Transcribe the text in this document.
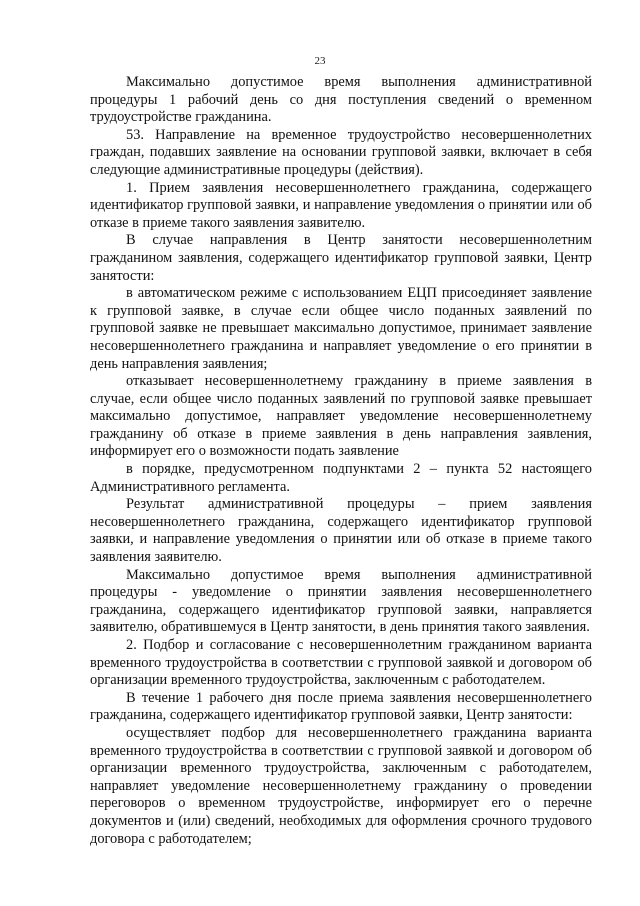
23

Максимально допустимое время выполнения административной процедуры 1 рабочий день со дня поступления сведений о временном трудоустройстве гражданина.

53. Направление на временное трудоустройство несовершеннолетних граждан, подавших заявление на основании групповой заявки, включает в себя следующие административные процедуры (действия).

1. Прием заявления несовершеннолетнего гражданина, содержащего идентификатор групповой заявки, и направление уведомления о принятии или об отказе в приеме такого заявления заявителю.

В случае направления в Центр занятости несовершеннолетним гражданином заявления, содержащего идентификатор групповой заявки, Центр занятости:

в автоматическом режиме с использованием ЕЦП присоединяет заявление к групповой заявке, в случае если общее число поданных заявлений по групповой заявке не превышает максимально допустимое, принимает заявление несовершеннолетнего гражданина и направляет уведомление о его принятии в день направления заявления;

отказывает несовершеннолетнему гражданину в приеме заявления в случае, если общее число поданных заявлений по групповой заявке превышает максимально допустимое, направляет уведомление несовершеннолетнему гражданину об отказе в приеме заявления в день направления заявления, информирует его о возможности подать заявление

в порядке, предусмотренном подпунктами 2 – пункта 52 настоящего Административного регламента.

Результат административной процедуры – прием заявления несовершеннолетнего гражданина, содержащего идентификатор групповой заявки, и направление уведомления о принятии или об отказе в приеме такого заявления заявителю.

Максимально допустимое время выполнения административной процедуры - уведомление о принятии заявления несовершеннолетнего гражданина, содержащего идентификатор групповой заявки, направляется заявителю, обратившемуся в Центр занятости, в день принятия такого заявления.

2. Подбор и согласование с несовершеннолетним гражданином варианта временного трудоустройства в соответствии с групповой заявкой и договором об организации временного трудоустройства, заключенным с работодателем.

В течение 1 рабочего дня после приема заявления несовершеннолетнего гражданина, содержащего идентификатор групповой заявки, Центр занятости:

осуществляет подбор для несовершеннолетнего гражданина варианта временного трудоустройства в соответствии с групповой заявкой и договором об организации временного трудоустройства, заключенным с работодателем, направляет уведомление несовершеннолетнему гражданину о проведении переговоров о временном трудоустройстве, информирует его о перечне документов и (или) сведений, необходимых для оформления срочного трудового договора с работодателем;
